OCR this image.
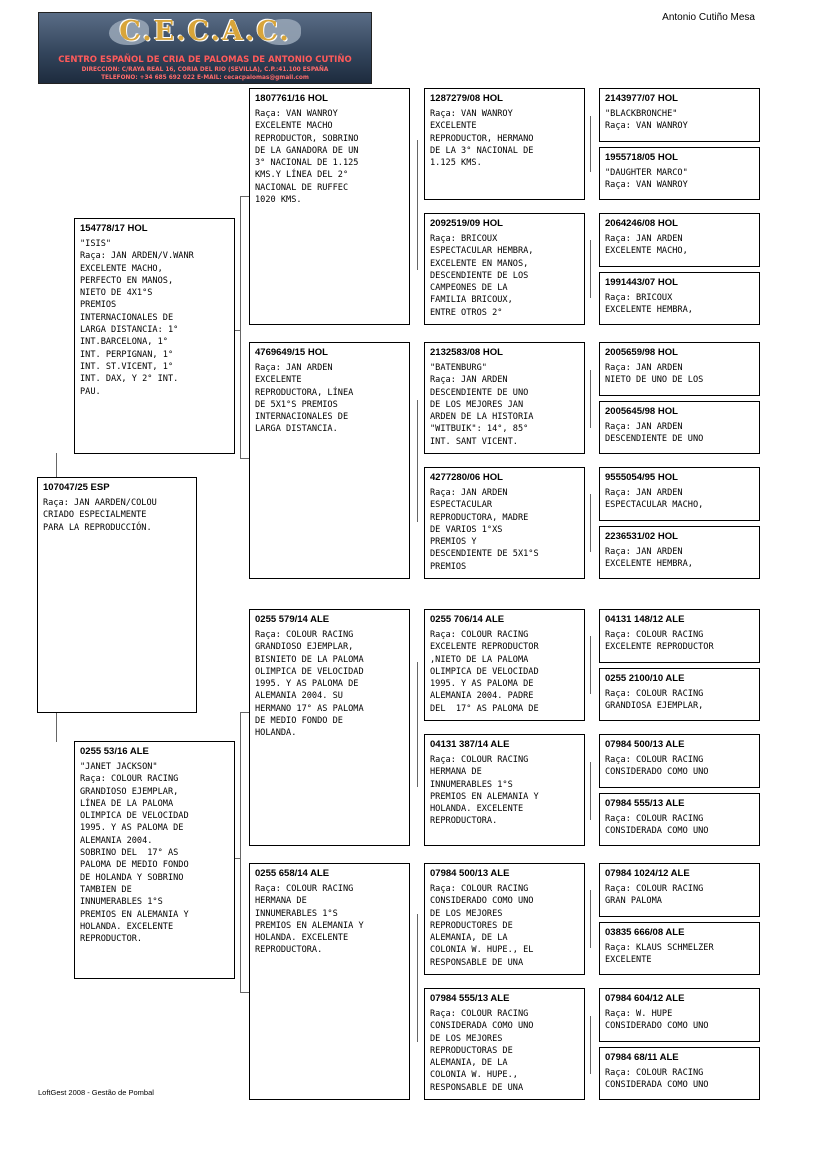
C.E.C.A.C.
CENTRO ESPAÑOL DE CRIA DE PALOMAS DE ANTONIO CUTIÑO
DIRECCION: C/RAYA REAL 16, CORIA DEL RIO (SEVILLA), C.P.:41.100 ESPAÑA
TELEFONO: +34 685 692 022 E-MAIL: cecacpalomas@gmail.com
Antonio Cutiño Mesa
107047/25 ESP
Raça: JAN AARDEN/COLOU
CRIADO ESPECIALMENTE
PARA LA REPRODUCCIÓN.
154778/17 HOL
"ISIS"
Raça: JAN ARDEN/V.WANR
EXCELENTE MACHO,
PERFECTO EN MANOS,
NIETO DE 4X1°S
PREMIOS
INTERNACIONALES DE
LARGA DISTANCIA: 1°
INT.BARCELONA, 1°
INT. PERPIGNAN, 1°
INT. ST.VICENT, 1°
INT. DAX, Y 2° INT.
PAU.
0255 53/16 ALE
"JANET JACKSON"
Raça: COLOUR RACING
GRANDIOSO EJEMPLAR,
LÍNEA DE LA PALOMA
OLIMPICA DE VELOCIDAD
1995. Y AS PALOMA DE
ALEMANIA 2004.
SOBRINO DEL  17° AS
PALOMA DE MEDIO FONDO
DE HOLANDA Y SOBRINO
TAMBIEN DE
INNUMERABLES 1°S
PREMIOS EN ALEMANIA Y
HOLANDA. EXCELENTE
REPRODUCTOR.
1807761/16 HOL
Raça: VAN WANROY
EXCELENTE MACHO
REPRODUCTOR, SOBRINO
DE LA GANADORA DE UN
3° NACIONAL DE 1.125
KMS.Y LÍNEA DEL 2°
NACIONAL DE RUFFEC
1020 KMS.
4769649/15 HOL
Raça: JAN ARDEN
EXCELENTE
REPRODUCTORA, LÍNEA
DE 5X1°S PREMIOS
INTERNACIONALES DE
LARGA DISTANCIA.
0255 579/14 ALE
Raça: COLOUR RACING
GRANDIOSO EJEMPLAR,
BISNIETO DE LA PALOMA
OLIMPICA DE VELOCIDAD
1995. Y AS PALOMA DE
ALEMANIA 2004. SU
HERMANO 17° AS PALOMA
DE MEDIO FONDO DE
HOLANDA.
0255 658/14 ALE
Raça: COLOUR RACING
HERMANA DE
INNUMERABLES 1°S
PREMIOS EN ALEMANIA Y
HOLANDA. EXCELENTE
REPRODUCTORA.
1287279/08 HOL
Raça: VAN WANROY
EXCELENTE
REPRODUCTOR, HERMANO
DE LA 3° NACIONAL DE
1.125 KMS.
2092519/09 HOL
Raça: BRICOUX
ESPECTACULAR HEMBRA,
EXCELENTE EN MANOS,
DESCENDIENTE DE LOS
CAMPEONES DE LA
FAMILIA BRICOUX,
ENTRE OTROS 2°
2132583/08 HOL
"BATENBURG"
Raça: JAN ARDEN
DESCENDIENTE DE UNO
DE LOS MEJORES JAN
ARDEN DE LA HISTORIA
"WITBUIK": 14°, 85°
INT. SANT VICENT.
4277280/06 HOL
Raça: JAN ARDEN
ESPECTACULAR
REPRODUCTORA, MADRE
DE VARIOS 1°XS
PREMIOS Y
DESCENDIENTE DE 5X1°S
PREMIOS
0255 706/14 ALE
Raça: COLOUR RACING
EXCELENTE REPRODUCTOR
,NIETO DE LA PALOMA
OLIMPICA DE VELOCIDAD
1995. Y AS PALOMA DE
ALEMANIA 2004. PADRE
DEL  17° AS PALOMA DE
04131 387/14 ALE
Raça: COLOUR RACING
HERMANA DE
INNUMERABLES 1°S
PREMIOS EN ALEMANIA Y
HOLANDA. EXCELENTE
REPRODUCTORA.
07984 500/13 ALE
Raça: COLOUR RACING
CONSIDERADO COMO UNO
DE LOS MEJORES
REPRODUCTORES DE
ALEMANIA, DE LA
COLONIA W. HUPE., EL
RESPONSABLE DE UNA
07984 555/13 ALE
Raça: COLOUR RACING
CONSIDERADA COMO UNO
DE LOS MEJORES
REPRODUCTORAS DE
ALEMANIA, DE LA
COLONIA W. HUPE.,
RESPONSABLE DE UNA
2143977/07 HOL
"BLACKBRONCHE"
Raça: VAN WANROY
1955718/05 HOL
"DAUGHTER MARCO"
Raça: VAN WANROY
2064246/08 HOL
Raça: JAN ARDEN
EXCELENTE MACHO,
1991443/07 HOL
Raça: BRICOUX
EXCELENTE HEMBRA,
2005659/98 HOL
Raça: JAN ARDEN
NIETO DE UNO DE LOS
2005645/98 HOL
Raça: JAN ARDEN
DESCENDIENTE DE UNO
9555054/95 HOL
Raça: JAN ARDEN
ESPECTACULAR MACHO,
2236531/02 HOL
Raça: JAN ARDEN
EXCELENTE HEMBRA,
04131 148/12 ALE
Raça: COLOUR RACING
EXCELENTE REPRODUCTOR
0255 2100/10 ALE
Raça: COLOUR RACING
GRANDIOSA EJEMPLAR,
07984 500/13 ALE
Raça: COLOUR RACING
CONSIDERADO COMO UNO
07984 555/13 ALE
Raça: COLOUR RACING
CONSIDERADA COMO UNO
07984 1024/12 ALE
Raça: COLOUR RACING
GRAN PALOMA
03835 666/08 ALE
Raça: KLAUS SCHMELZER
EXCELENTE
07984 604/12 ALE
Raça: W. HUPE
CONSIDERADO COMO UNO
07984 68/11 ALE
Raça: COLOUR RACING
CONSIDERADA COMO UNO
LoftGest 2008 - Gestão de Pombal
